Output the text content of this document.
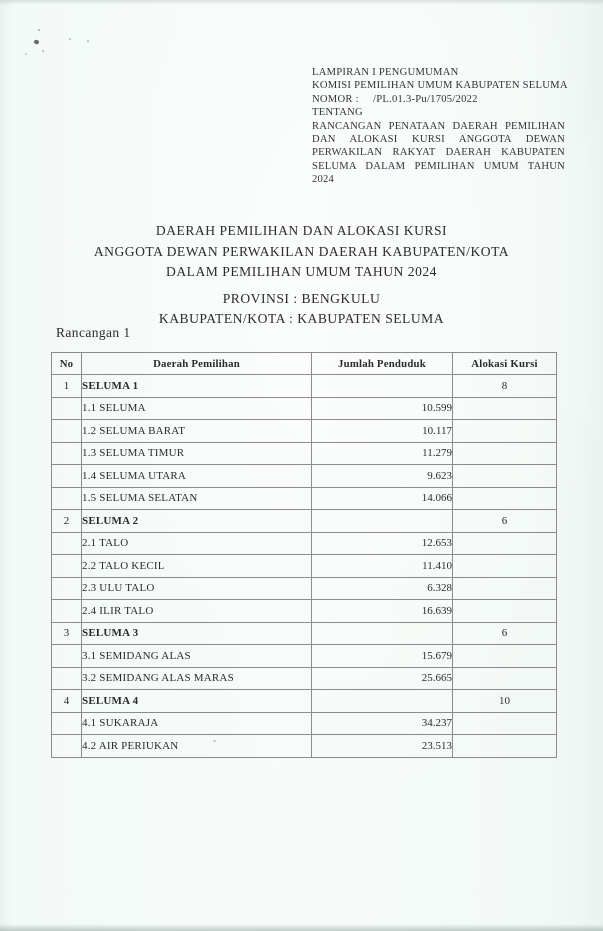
LAMPIRAN I PENGUMUMAN
KOMISI PEMILIHAN UMUM KABUPATEN SELUMA
NOMOR : /PL.01.3-Pu/1705/2022
TENTANG
RANCANGAN PENATAAN DAERAH PEMILIHAN DAN ALOKASI KURSI ANGGOTA DEWAN PERWAKILAN RAKYAT DAERAH KABUPATEN SELUMA DALAM PEMILIHAN UMUM TAHUN 2024
DAERAH PEMILIHAN DAN ALOKASI KURSI
ANGGOTA DEWAN PERWAKILAN DAERAH KABUPATEN/KOTA
DALAM PEMILIHAN UMUM TAHUN 2024
PROVINSI : BENGKULU
KABUPATEN/KOTA : KABUPATEN SELUMA
Rancangan 1
No	Daerah Pemilihan	Jumlah Penduduk	Alokasi Kursi
1	SELUMA 1		8
	1.1 SELUMA	10.599	
	1.2 SELUMA BARAT	10.117	
	1.3 SELUMA TIMUR	11.279	
	1.4 SELUMA UTARA	9.623	
	1.5 SELUMA SELATAN	14.066	
2	SELUMA 2		6
	2.1 TALO	12.653	
	2.2 TALO KECIL	11.410	
	2.3 ULU TALO	6.328	
	2.4 ILIR TALO	16.639	
3	SELUMA 3		6
	3.1 SEMIDANG ALAS	15.679	
	3.2 SEMIDANG ALAS MARAS	25.665	
4	SELUMA 4		10
	4.1 SUKARAJA	34.237	
	4.2 AIR PERIUKAN	23.513	
